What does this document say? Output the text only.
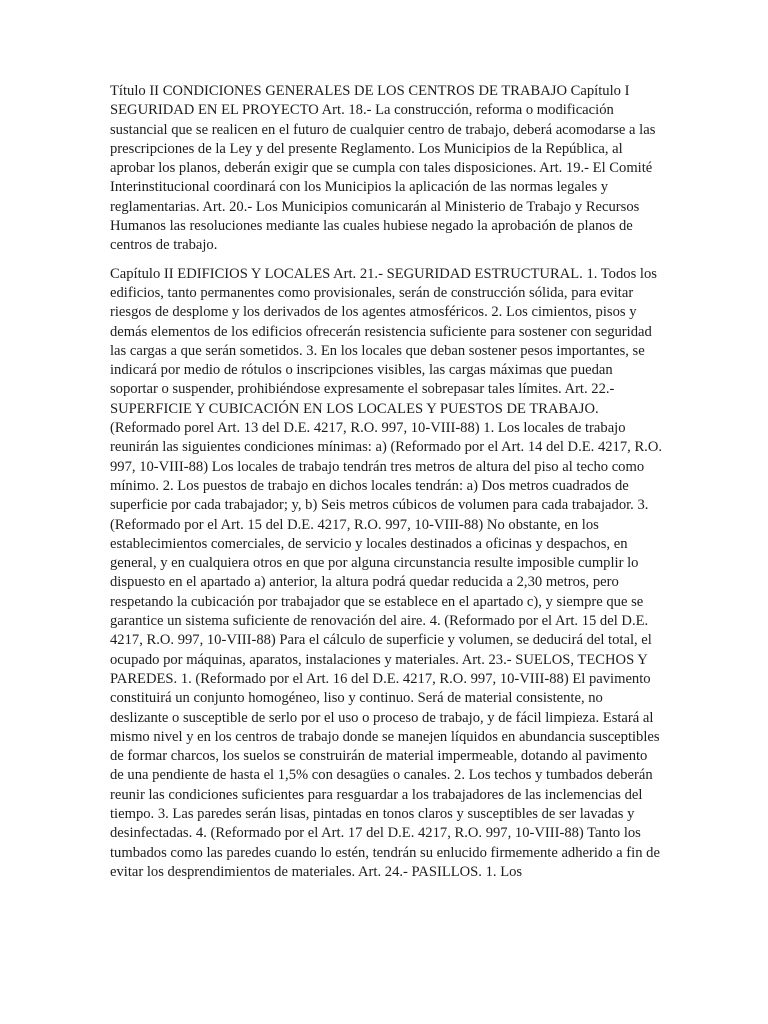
Título II CONDICIONES GENERALES DE LOS CENTROS DE TRABAJO Capítulo I SEGURIDAD EN EL PROYECTO Art. 18.- La construcción, reforma o modificación sustancial que se realicen en el futuro de cualquier centro de trabajo, deberá acomodarse a las prescripciones de la Ley y del presente Reglamento. Los Municipios de la República, al aprobar los planos, deberán exigir que se cumpla con tales disposiciones. Art. 19.- El Comité Interinstitucional coordinará con los Municipios la aplicación de las normas legales y reglamentarias. Art. 20.- Los Municipios comunicarán al Ministerio de Trabajo y Recursos Humanos las resoluciones mediante las cuales hubiese negado la aprobación de planos de centros de trabajo.

Capítulo II EDIFICIOS Y LOCALES Art. 21.- SEGURIDAD ESTRUCTURAL. 1. Todos los edificios, tanto permanentes como provisionales, serán de construcción sólida, para evitar riesgos de desplome y los derivados de los agentes atmosféricos. 2. Los cimientos, pisos y demás elementos de los edificios ofrecerán resistencia suficiente para sostener con seguridad las cargas a que serán sometidos. 3. En los locales que deban sostener pesos importantes, se indicará por medio de rótulos o inscripciones visibles, las cargas máximas que puedan soportar o suspender, prohibiéndose expresamente el sobrepasar tales límites. Art. 22.- SUPERFICIE Y CUBICACIÓN EN LOS LOCALES Y PUESTOS DE TRABAJO. (Reformado porel Art. 13 del D.E. 4217, R.O. 997, 10-VIII-88) 1. Los locales de trabajo reunirán las siguientes condiciones mínimas: a) (Reformado por el Art. 14 del D.E. 4217, R.O. 997, 10-VIII-88) Los locales de trabajo tendrán tres metros de altura del piso al techo como mínimo. 2. Los puestos de trabajo en dichos locales tendrán: a) Dos metros cuadrados de superficie por cada trabajador; y, b) Seis metros cúbicos de volumen para cada trabajador. 3. (Reformado por el Art. 15 del D.E. 4217, R.O. 997, 10-VIII-88) No obstante, en los establecimientos comerciales, de servicio y locales destinados a oficinas y despachos, en general, y en cualquiera otros en que por alguna circunstancia resulte imposible cumplir lo dispuesto en el apartado a) anterior, la altura podrá quedar reducida a 2,30 metros, pero respetando la cubicación por trabajador que se establece en el apartado c), y siempre que se garantice un sistema suficiente de renovación del aire. 4. (Reformado por el Art. 15 del D.E. 4217, R.O. 997, 10-VIII-88) Para el cálculo de superficie y volumen, se deducirá del total, el ocupado por máquinas, aparatos, instalaciones y materiales. Art. 23.- SUELOS, TECHOS Y PAREDES. 1. (Reformado por el Art. 16 del D.E. 4217, R.O. 997, 10-VIII-88) El pavimento constituirá un conjunto homogéneo, liso y continuo. Será de material consistente, no deslizante o susceptible de serlo por el uso o proceso de trabajo, y de fácil limpieza. Estará al mismo nivel y en los centros de trabajo donde se manejen líquidos en abundancia susceptibles de formar charcos, los suelos se construirán de material impermeable, dotando al pavimento de una pendiente de hasta el 1,5% con desagües o canales. 2. Los techos y tumbados deberán reunir las condiciones suficientes para resguardar a los trabajadores de las inclemencias del tiempo. 3. Las paredes serán lisas, pintadas en tonos claros y susceptibles de ser lavadas y desinfectadas. 4. (Reformado por el Art. 17 del D.E. 4217, R.O. 997, 10-VIII-88) Tanto los tumbados como las paredes cuando lo estén, tendrán su enlucido firmemente adherido a fin de evitar los desprendimientos de materiales. Art. 24.- PASILLOS. 1. Los
